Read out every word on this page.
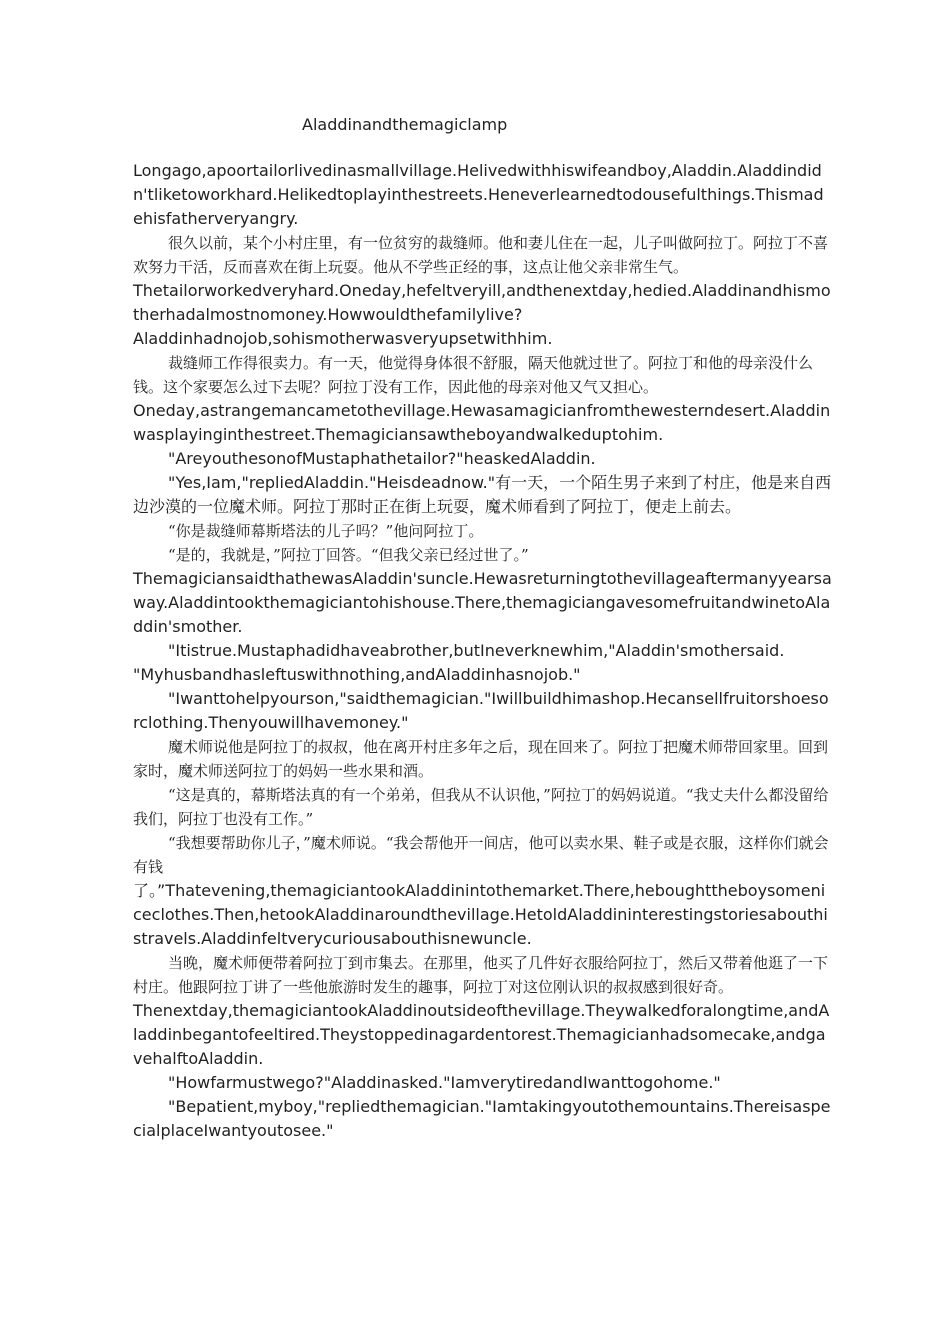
Aladdinandthemagiclamp

Longago,apoortailorlivedinasmallvillage.Helivedwithhiswifeandboy,Aladdin.Aladdindidn'tliketoworkhard.Helikedtoplayinthestreets.Heneverlearnedtodousefulthings.Thismadehisfatherveryangry.

很久以前，某个小村庄里，有一位贫穷的裁缝师。他和妻儿住在一起，儿子叫做阿拉丁。阿拉丁不喜欢努力干活，反而喜欢在街上玩耍。他从不学些正经的事，这点让他父亲非常生气。

Thetailorworkedveryhard.Oneday,hefeltveryill,andthenextday,hedied.Aladdinandhismotherhadalmostnomoney.Howwouldthefamilylive?

Aladdinhadnojob,sohismotherwasveryupsetwithhim.

裁缝师工作得很卖力。有一天，他觉得身体很不舒服，隔天他就过世了。阿拉丁和他的母亲没什么钱。这个家要怎么过下去呢？阿拉丁没有工作，因此他的母亲对他又气又担心。

Oneday,astrangemancametothevillage.Hewasamagicianfromthewesterndesert.Aladdinwasplayinginthestreet.Themagiciansawtheboyandwalkeduptohim.

"AreyouthesonofMustaphathetailor?"heaskedAladdin.

"Yes,Iam,"repliedAladdin."Heisdeadnow."有一天，一个陌生男子来到了村庄，他是来自西边沙漠的一位魔术师。阿拉丁那时正在街上玩耍，魔术师看到了阿拉丁，便走上前去。

“你是裁缝师幕斯塔法的儿子吗？”他问阿拉丁。

“是的，我就是，”阿拉丁回答。“但我父亲已经过世了。”

ThemagiciansaidthathewasAladdin'suncle.Hewasreturningtothevillageaftermanyyearsaway.Aladdintookthemagiciantohishouse.There,themagiciangavesomefruitandwinetoAladdin'smother.

"Itistrue.Mustaphadidhaveabrother,butIneverknewhim,"Aladdin'smothersaid.

"Myhusbandhasleftuswithnothing,andAladdinhasnojob."

"Iwanttohelpyourson,"saidthemagician."Iwillbuildhimashop.Hecansellfruitorshoesorclothing.Thenyouwillhavemoney."

魔术师说他是阿拉丁的叔叔，他在离开村庄多年之后，现在回来了。阿拉丁把魔术师带回家里。回到家时，魔术师送阿拉丁的妈妈一些水果和酒。

“这是真的，幕斯塔法真的有一个弟弟，但我从不认识他，”阿拉丁的妈妈说道。“我丈夫什么都没留给我们，阿拉丁也没有工作。”

“我想要帮助你儿子，”魔术师说。“我会帮他开一间店，他可以卖水果、鞋子或是衣服，这样你们就会有钱

了。”Thatevening,themagiciantookAladdinintothemarket.There,heboughttheboysomeniceclothes.Then,hetookAladdinaroundthevillage.HetoldAladdininterestingstoriesabouthistravels.Aladdinfeltverycuriousabouthisnewuncle.

当晚，魔术师便带着阿拉丁到市集去。在那里，他买了几件好衣服给阿拉丁，然后又带着他逛了一下村庄。他跟阿拉丁讲了一些他旅游时发生的趣事，阿拉丁对这位刚认识的叔叔感到很好奇。

Thenextday,themagiciantookAladdinoutsideofthevillage.Theywalkedforalongtime,andAladdinbegantofeeltired.Theystoppedinagardentorest.Themagicianhadsomecake,andgavehalftoAladdin.

"Howfarmustwego?"Aladdinasked."IamverytiredandIwanttogohome."

"Bepatient,myboy,"repliedthemagician."Iamtakingyoutothemountains.ThereisaspecialplaceIwantyoutosee."
